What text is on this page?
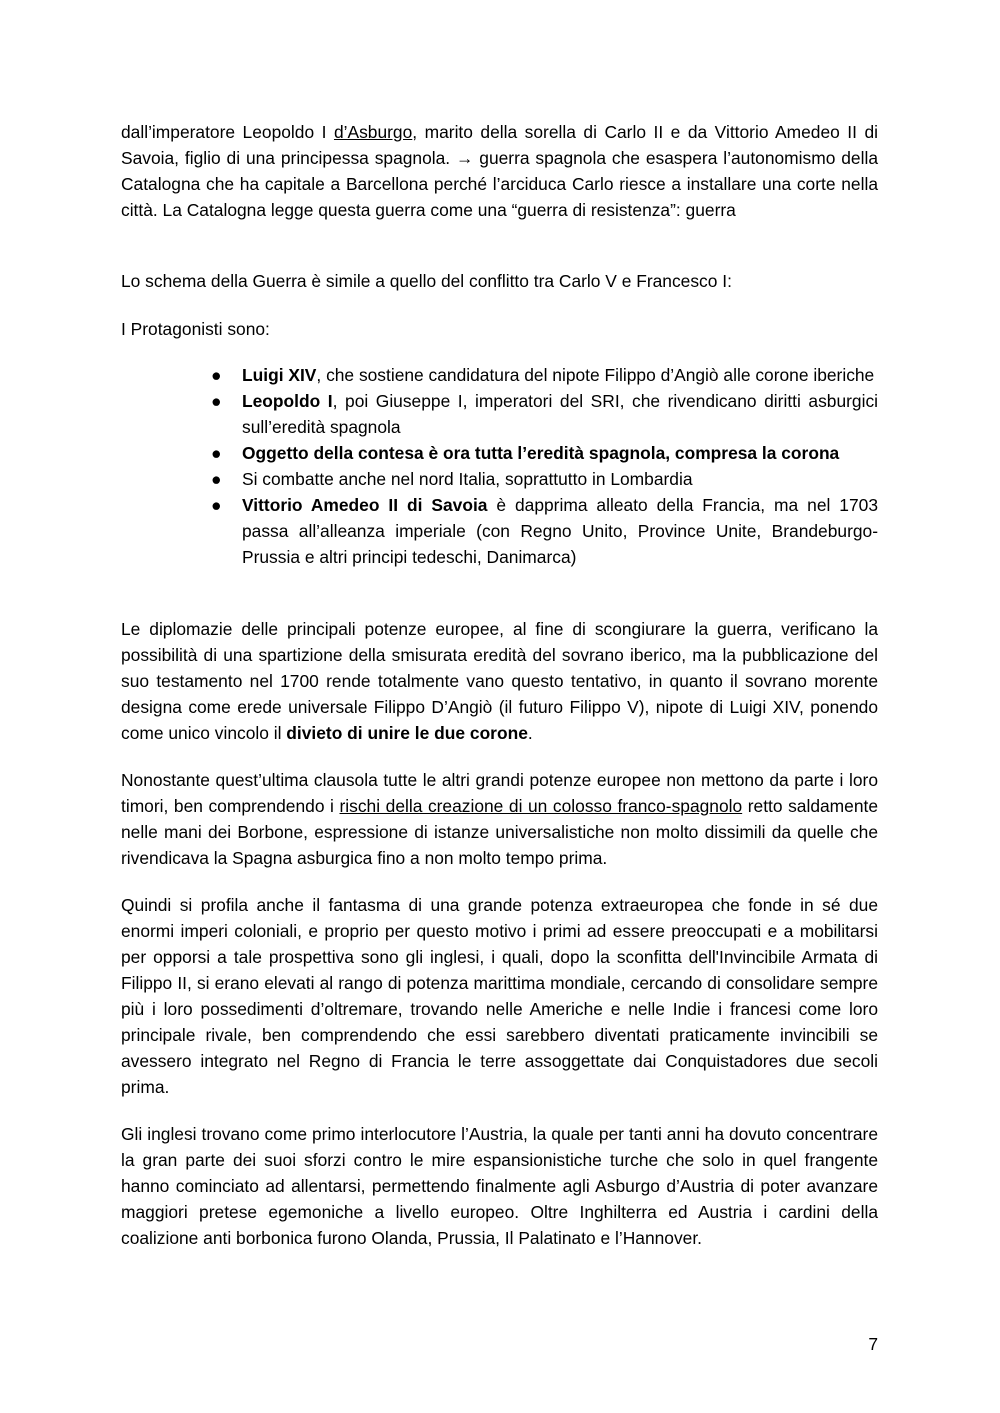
dall’imperatore Leopoldo I d’Asburgo, marito della sorella di Carlo II e da Vittorio Amedeo II di Savoia, figlio di una principessa spagnola. → guerra spagnola che esaspera l’autonomismo della Catalogna che ha capitale a Barcellona perché l’arciduca Carlo riesce a installare una corte nella città. La Catalogna legge questa guerra come una “guerra di resistenza”: guerra

Lo schema della Guerra è simile a quello del conflitto tra Carlo V e Francesco I:

I Protagonisti sono:

●	Luigi XIV, che sostiene candidatura del nipote Filippo d’Angiò alle corone iberiche
●	Leopoldo I, poi Giuseppe I, imperatori del SRI, che rivendicano diritti asburgici sull’eredità spagnola
●	Oggetto della contesa è ora tutta l’eredità spagnola, compresa la corona
●	Si combatte anche nel nord Italia, soprattutto in Lombardia
●	Vittorio Amedeo II di Savoia è dapprima alleato della Francia, ma nel 1703 passa all’alleanza imperiale (con Regno Unito, Province Unite, Brandeburgo-Prussia e altri principi tedeschi, Danimarca)

Le diplomazie delle principali potenze europee, al fine di scongiurare la guerra, verificano la possibilità di una spartizione della smisurata eredità del sovrano iberico, ma la pubblicazione del suo testamento nel 1700 rende totalmente vano questo tentativo, in quanto il sovrano morente designa come erede universale Filippo D’Angiò (il futuro Filippo V), nipote di Luigi XIV, ponendo come unico vincolo il divieto di unire le due corone.

Nonostante quest’ultima clausola tutte le altri grandi potenze europee non mettono da parte i loro timori, ben comprendendo i rischi della creazione di un colosso franco-spagnolo retto saldamente nelle mani dei Borbone, espressione di istanze universalistiche non molto dissimili da quelle che rivendicava la Spagna asburgica fino a non molto tempo prima.

Quindi si profila anche il fantasma di una grande potenza extraeuropea che fonde in sé due enormi imperi coloniali, e proprio per questo motivo i primi ad essere preoccupati e a mobilitarsi per opporsi a tale prospettiva sono gli inglesi, i quali, dopo la sconfitta dell'Invincibile Armata di Filippo II, si erano elevati al rango di potenza marittima mondiale, cercando di consolidare sempre più i loro possedimenti d’oltremare, trovando nelle Americhe e nelle Indie i francesi come loro principale rivale, ben comprendendo che essi sarebbero diventati praticamente invincibili se avessero integrato nel Regno di Francia le terre assoggettate dai Conquistadores due secoli prima.

Gli inglesi trovano come primo interlocutore l’Austria, la quale per tanti anni ha dovuto concentrare la gran parte dei suoi sforzi contro le mire espansionistiche turche che solo in quel frangente hanno cominciato ad allentarsi, permettendo finalmente agli Asburgo d’Austria di poter avanzare maggiori pretese egemoniche a livello europeo. Oltre Inghilterra ed Austria i cardini della coalizione anti borbonica furono Olanda, Prussia, Il Palatinato e l’Hannover.

7
